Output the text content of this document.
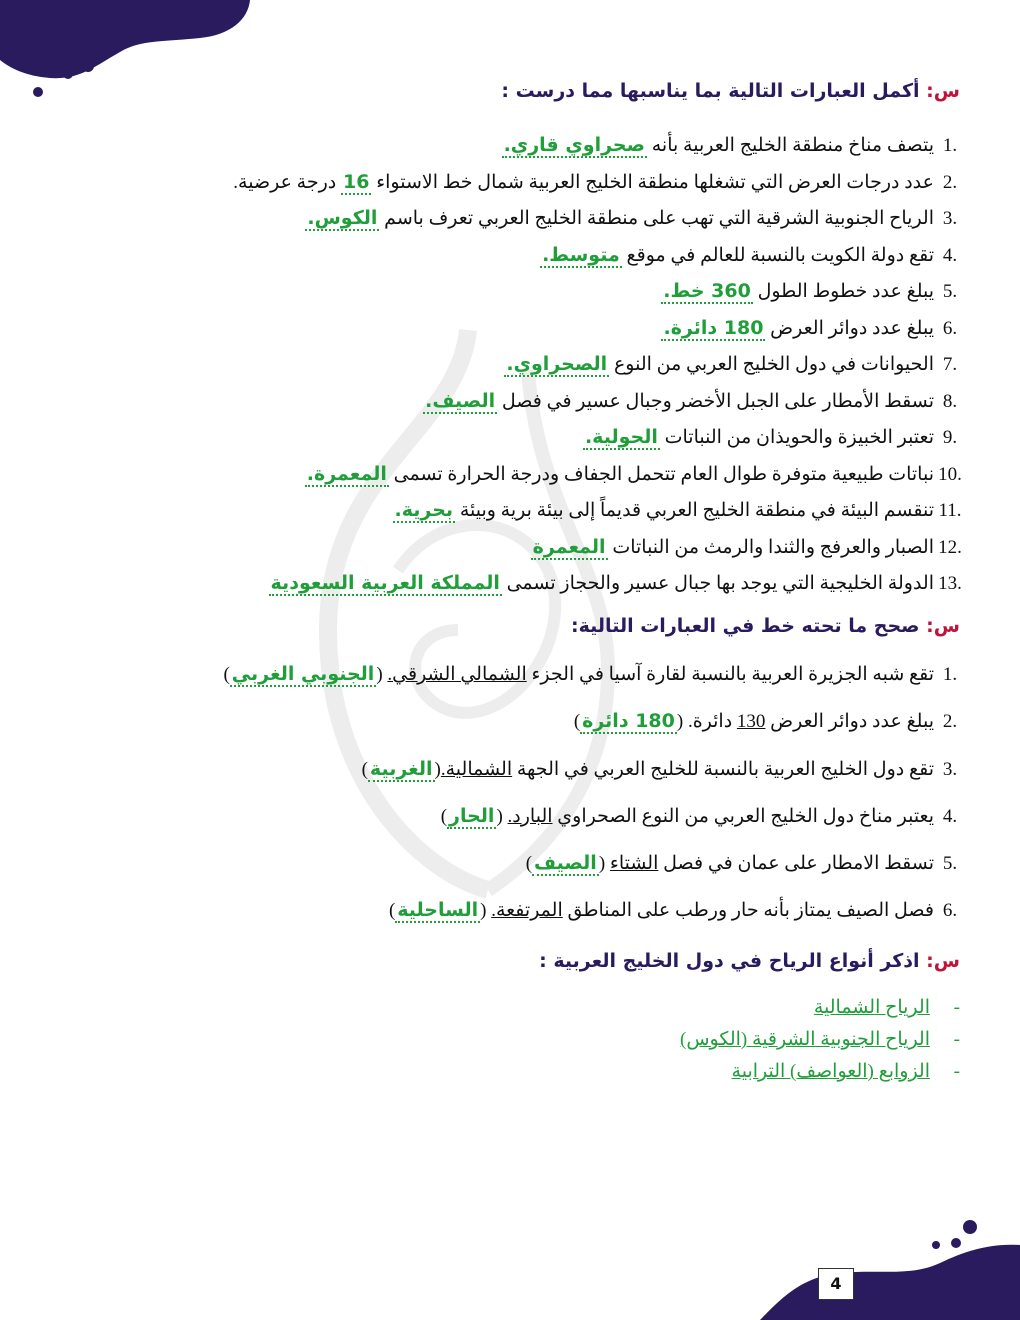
س: أكمل العبارات التالية بما يناسبها مما درست :

1.
يتصف مناخ منطقة الخليج العربية بأنه صحراوي قاري.
2.
عدد درجات العرض التي تشغلها منطقة الخليج العربية شمال خط الاستواء 16 درجة عرضية.
3.
الرياح الجنوبية الشرقية التي تهب على منطقة الخليج العربي تعرف باسم الكوس.
4.
تقع دولة الكويت بالنسبة للعالم في موقع متوسط.
5.
يبلغ عدد خطوط الطول 360 خط.
6.
يبلغ عدد دوائر العرض 180 دائرة.
7.
الحيوانات في دول الخليج العربي من النوع الصحراوي.
8.
تسقط الأمطار على الجبل الأخضر وجبال عسير في فصل الصيف.
9.
تعتبر الخبيزة والحويذان من النباتات الحولية.
10.
نباتات طبيعية متوفرة طوال العام تتحمل الجفاف ودرجة الحرارة تسمى المعمرة.
11.
تنقسم البيئة في منطقة الخليج العربي قديماً إلى بيئة برية وبيئة بحرية.
12.
الصبار والعرفج والثندا والرمث من النباتات المعمرة
13.
الدولة الخليجية التي يوجد بها جبال عسير والحجاز تسمى المملكة العربية السعودية

س: صحح ما تحته خط في العبارات التالية:

1.
تقع شبه الجزيرة العربية بالنسبة لقارة آسيا في الجزء الشمالي الشرقي. (الجنوبي الغربي)
2.
يبلغ عدد دوائر العرض 130 دائرة. (180 دائرة)
3.
تقع دول الخليج العربية بالنسبة للخليج العربي في الجهة الشمالية.(الغربية)
4.
يعتبر مناخ دول الخليج العربي من النوع الصحراوي البارد. (الحار)
5.
تسقط الامطار على عمان في فصل الشتاء (الصيف)
6.
فصل الصيف يمتاز بأنه حار ورطب على المناطق المرتفعة. (الساحلية)

س: اذكر أنواع الرياح في دول الخليج العربية :

-
الرياح الشمالية
-
الرياح الجنوبية الشرقية (الكوس)
-
الزوابع (العواصف) الترابية
4
